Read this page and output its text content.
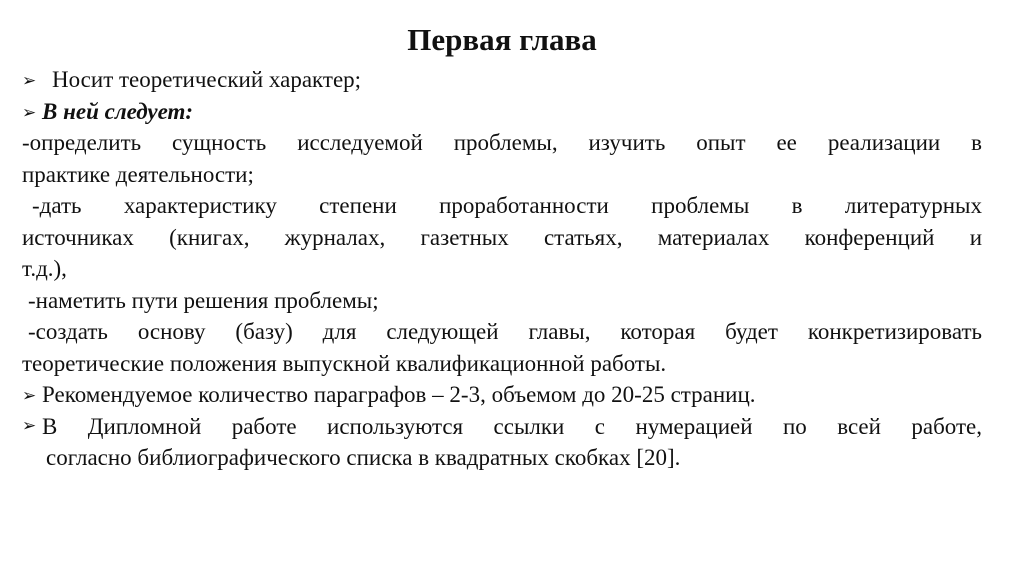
Первая глава
➢ Носит теоретический характер;
➢ В ней следует:
-определить сущность исследуемой проблемы, изучить опыт ее реализации в
практике деятельности;
-дать характеристику степени проработанности проблемы в литературных
источниках (книгах, журналах, газетных статьях, материалах конференций и
т.д.),
-наметить пути решения проблемы;
-создать основу (базу) для следующей главы, которая будет конкретизировать
теоретические положения выпускной квалификационной работы.
➢ Рекомендуемое количество параграфов – 2-3, объемом до 20-25 страниц.
➢ В Дипломной работе используются ссылки с нумерацией по всей работе,
согласно библиографического списка в квадратных скобках [20].
